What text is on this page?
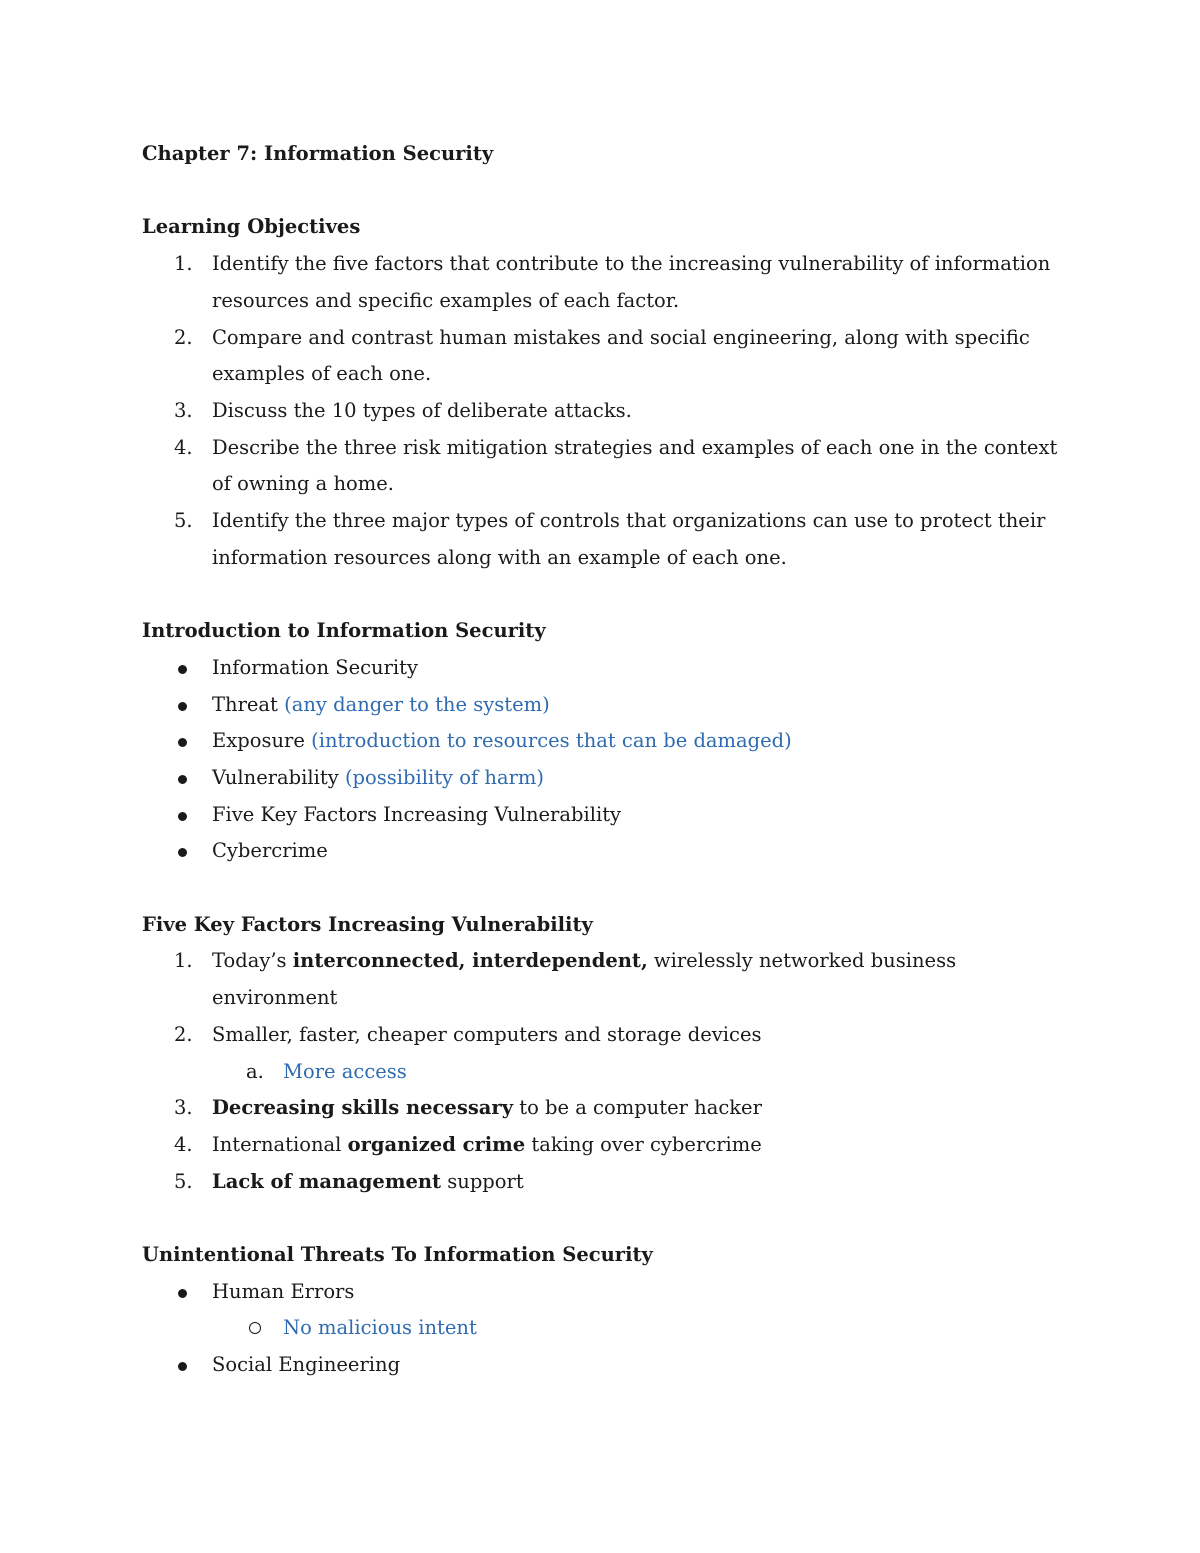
Chapter 7: Information Security

Learning Objectives

1. Identify the five factors that contribute to the increasing vulnerability of information resources and specific examples of each factor.
2. Compare and contrast human mistakes and social engineering, along with specific examples of each one.
3. Discuss the 10 types of deliberate attacks.
4. Describe the three risk mitigation strategies and examples of each one in the context of owning a home.
5. Identify the three major types of controls that organizations can use to protect their information resources along with an example of each one.

Introduction to Information Security

Information Security
Threat (any danger to the system)
Exposure (introduction to resources that can be damaged)
Vulnerability (possibility of harm)
Five Key Factors Increasing Vulnerability
Cybercrime

Five Key Factors Increasing Vulnerability

1. Today’s interconnected, interdependent, wirelessly networked business environment
2. Smaller, faster, cheaper computers and storage devices
a. More access
3. Decreasing skills necessary to be a computer hacker
4. International organized crime taking over cybercrime
5. Lack of management support

Unintentional Threats To Information Security

Human Errors
No malicious intent
Social Engineering
